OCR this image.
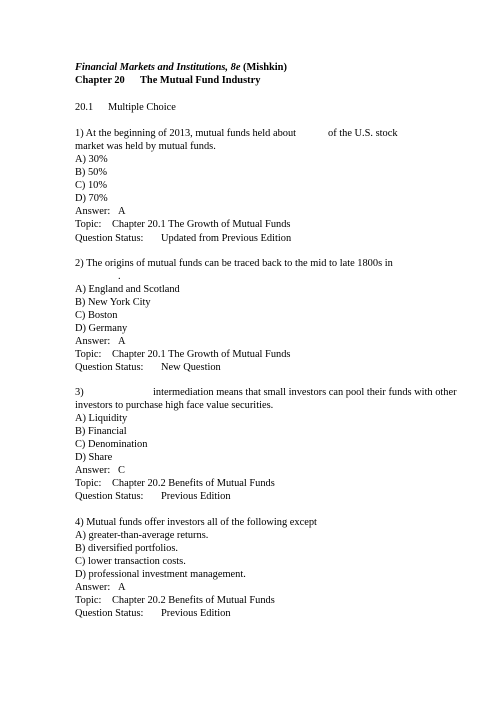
Financial Markets and Institutions, 8e (Mishkin)
Chapter 20 The Mutual Fund Industry
20.1 Multiple Choice
1) At the beginning of 2013, mutual funds held about	of the U.S. stock
market was held by mutual funds.
A) 30%
B) 50%
C) 10%
D) 70%
Answer: A
Topic: Chapter 20.1 The Growth of Mutual Funds
Question Status: Updated from Previous Edition
2) The origins of mutual funds can be traced back to the mid to late 1800s in
.
A) England and Scotland
B) New York City
C) Boston
D) Germany
Answer: A
Topic: Chapter 20.1 The Growth of Mutual Funds
Question Status: New Question
3)	intermediation means that small investors can pool their funds with other
investors to purchase high face value securities.
A) Liquidity
B) Financial
C) Denomination
D) Share
Answer: C
Topic: Chapter 20.2 Benefits of Mutual Funds
Question Status: Previous Edition
4) Mutual funds offer investors all of the following except
A) greater-than-average returns.
B) diversified portfolios.
C) lower transaction costs.
D) professional investment management.
Answer: A
Topic: Chapter 20.2 Benefits of Mutual Funds
Question Status: Previous Edition
